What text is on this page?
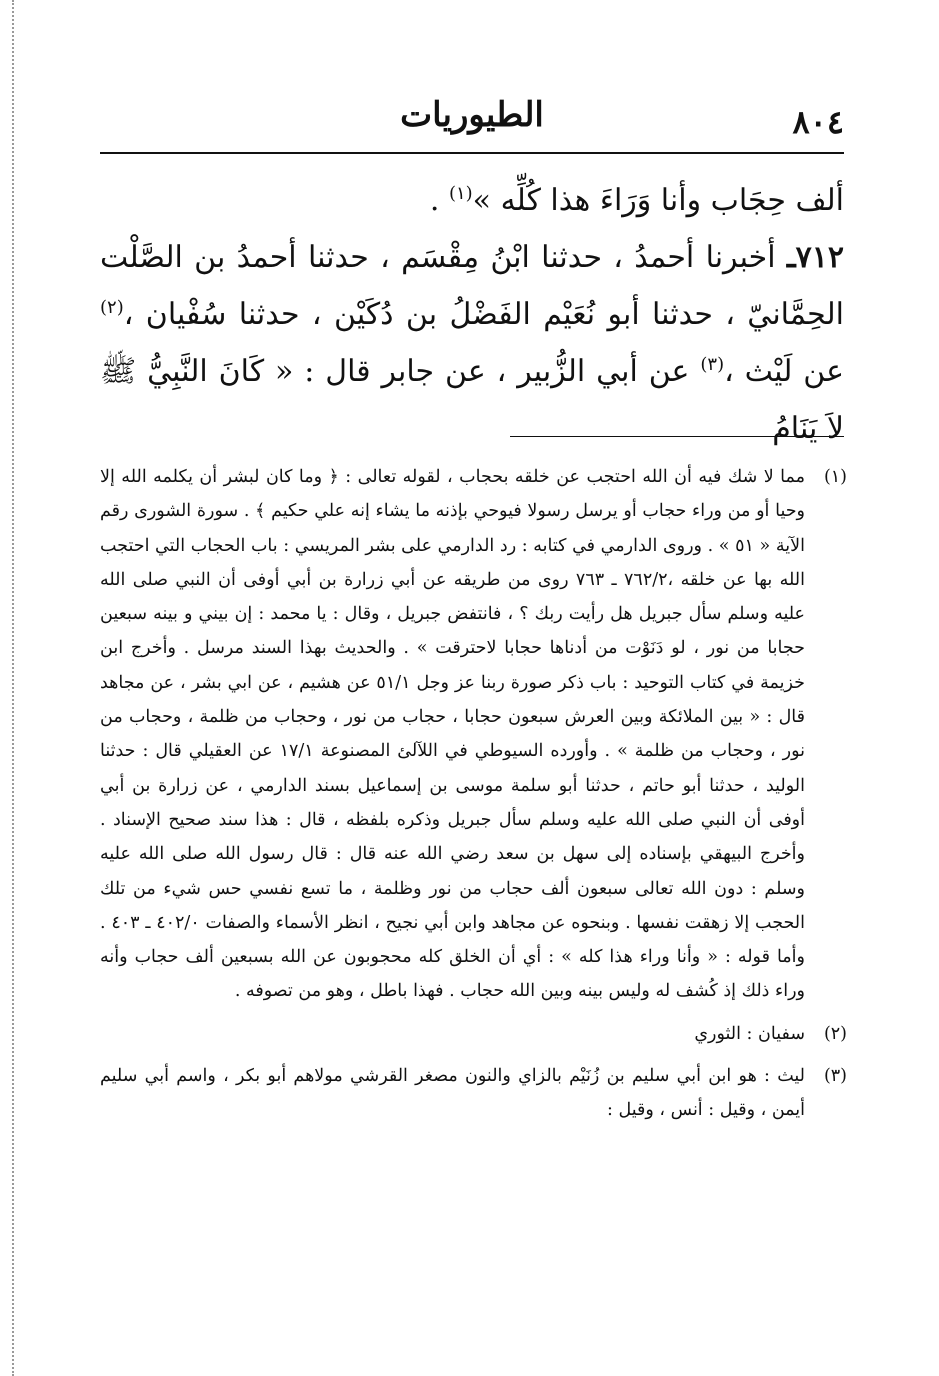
الطيوريات	٨٠٤

ألف حِجَاب وأنا وَرَاءَ هذا كُلِّه »$^{(١)}$ .

٧١٢ـ أخبرنا أحمدُ ، حدثنا ابْنُ مِقْسَم ، حدثنا أحمدُ بن الصَّلْت الحِمَّانيّ ، حدثنا أبو نُعَيْم الفَضْلُ بن دُكَيْن ، حدثنا سُفْيان ،$^{(٢)}$ عن لَيْث ،$^{(٣)}$ عن أبي الزُّبير ، عن جابر قال : « كَانَ النَّبِيُّ ﷺ لاَ يَنَامُ

(١)
مما لا شك فيه أن الله احتجب عن خلقه بحجاب ، لقوله تعالى : ﴿ وما كان لبشر أن يكلمه الله إلا وحيا أو من وراء حجاب أو يرسل رسولا فيوحي بإذنه ما يشاء إنه علي حكيم ﴾ . سورة الشورى رقم الآية « ٥١ » . وروى الدارمي في كتابه : رد الدارمي على بشر المريسي : باب الحجاب التي احتجب الله بها عن خلقه ،٧٦٢/٢ ـ ٧٦٣ روى من طريقه عن أبي زرارة بن أبي أوفى أن النبي صلى الله عليه وسلم سأل جبريل هل رأيت ربك ؟ ، فانتفض جبريل ، وقال : يا محمد : إن بيني و بينه سبعين حجابا من نور ، لو دَنَوْت من أدناها حجابا لاحترقت » . والحديث بهذا السند مرسل . وأخرج ابن خزيمة في كتاب التوحيد : باب ذكر صورة ربنا عز وجل ٥١/١ عن هشيم ، عن ابي بشر ، عن مجاهد قال : « بين الملائكة وبين العرش سبعون حجابا ، حجاب من نور ، وحجاب من ظلمة ، وحجاب من نور ، وحجاب من ظلمة » . وأورده السيوطي في اللآلئ المصنوعة ١٧/١ عن العقيلي قال : حدثنا الوليد ، حدثنا أبو حاتم ، حدثنا أبو سلمة موسى بن إسماعيل بسند الدارمي ، عن زرارة بن أبي أوفى أن النبي صلى الله عليه وسلم سأل جبريل وذكره بلفظه ، قال : هذا سند صحيح الإسناد . وأخرج البيهقي بإسناده إلى سهل بن سعد رضي الله عنه قال : قال رسول الله صلى الله عليه وسلم : دون الله تعالى سبعون ألف حجاب من نور وظلمة ، ما تسع نفسي حس شيء من تلك الحجب إلا زهقت نفسها . وبنحوه عن مجاهد وابن أبي نجيح ، انظر الأسماء والصفات ٤٠٢/٠ ـ ٤٠٣ . وأما قوله : « وأنا وراء هذا كله » : أي أن الخلق كله محجوبون عن الله بسبعين ألف حجاب وأنه وراء ذلك إذ كُشف له وليس بينه وبين الله حجاب . فهذا باطل ، وهو من تصوفه .
(٢)
سفيان : الثوري
(٣)
ليث : هو ابن أبي سليم بن زُنَيْم بالزاي والنون مصغر القرشي مولاهم أبو بكر ، واسم أبي سليم أيمن ، وقيل : أنس ، وقيل :
